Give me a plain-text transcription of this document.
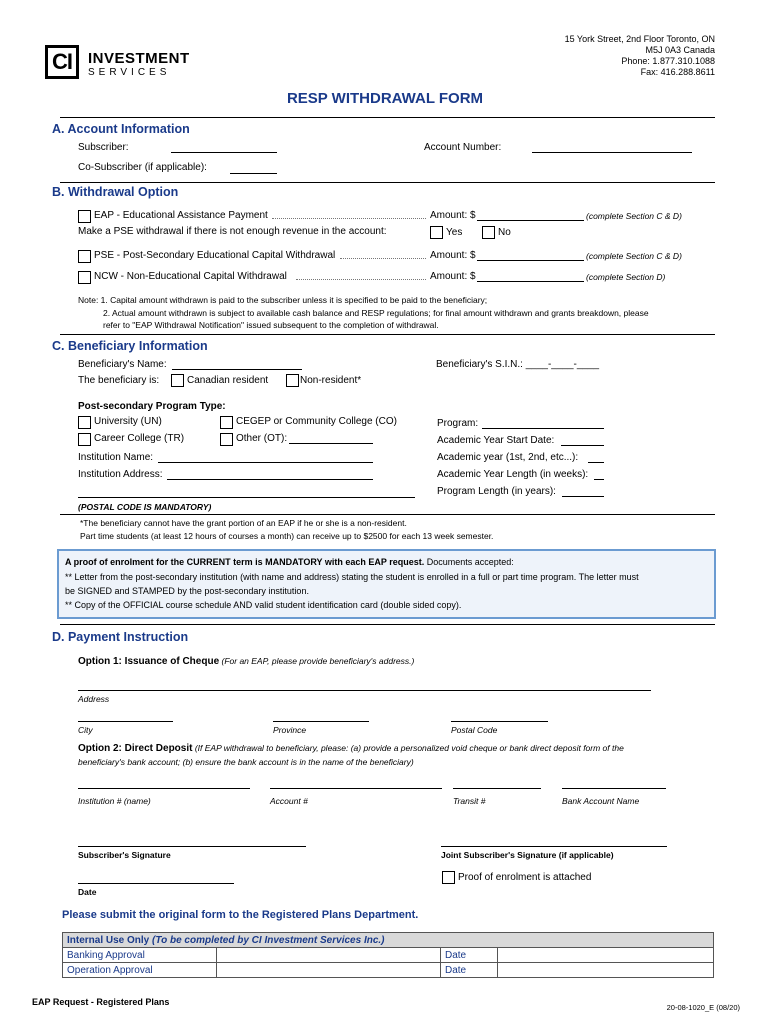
CI INVESTMENT
SERVICES
15 York Street, 2nd Floor Toronto, ON
M5J 0A3 Canada
Phone: 1.877.310.1088
Fax: 416.288.8611
RESP WITHDRAWAL FORM
A. Account Information
Subscriber:	Account Number:
Co-Subscriber (if applicable):
B. Withdrawal Option
EAP - Educational Assistance Payment	Amount: $	(complete Section C & D)
Make a PSE withdrawal if there is not enough revenue in the account:	Yes	No
PSE - Post-Secondary Educational Capital Withdrawal	Amount: $	(complete Section C & D)
NCW - Non-Educational Capital Withdrawal	Amount: $	(complete Section D)
Note: 1. Capital amount withdrawn is paid to the subscriber unless it is specified to be paid to the beneficiary;
2. Actual amount withdrawn is subject to available cash balance and RESP regulations; for final amount withdrawn and grants breakdown, please
refer to "EAP Withdrawal Notification" issued subsequent to the completion of withdrawal.
C. Beneficiary Information
Beneficiary's Name:	Beneficiary's S.I.N.: ____-____-____
The beneficiary is:	Canadian resident	Non-resident*
Post-secondary Program Type:
University (UN)	CEGEP or Community College (CO)
Career College (TR)	Other (OT):
Program:
Academic Year Start Date:
Academic year (1st, 2nd, etc...):
Academic Year Length (in weeks):
Program Length (in years):
Institution Name:
Institution Address:
(POSTAL CODE IS MANDATORY)
*The beneficiary cannot have the grant portion of an EAP if he or she is a non-resident.
Part time students (at least 12 hours of courses a month) can receive up to $2500 for each 13 week semester.
A proof of enrolment for the CURRENT term is MANDATORY with each EAP request. Documents accepted:
** Letter from the post-secondary institution (with name and address) stating the student is enrolled in a full or part time program. The letter must
be SIGNED and STAMPED by the post-secondary institution.
** Copy of the OFFICIAL course schedule AND valid student identification card (double sided copy).
D. Payment Instruction
Option 1: Issuance of Cheque (For an EAP, please provide beneficiary's address.)
Address
City	Province	Postal Code
Option 2: Direct Deposit (If EAP withdrawal to beneficiary, please: (a) provide a personalized void cheque or bank direct deposit form of the
beneficiary's bank account; (b) ensure the bank account is in the name of the beneficiary)
Institution # (name)	Account #	Transit #	Bank Account Name
Subscriber's Signature	Joint Subscriber's Signature (if applicable)
Proof of enrolment is attached
Date
Please submit the original form to the Registered Plans Department.
Internal Use Only (To be completed by CI Investment Services Inc.)			
Banking Approval		Date	
Operation Approval		Date	
EAP Request - Registered Plans
20-08-1020_E (08/20)
